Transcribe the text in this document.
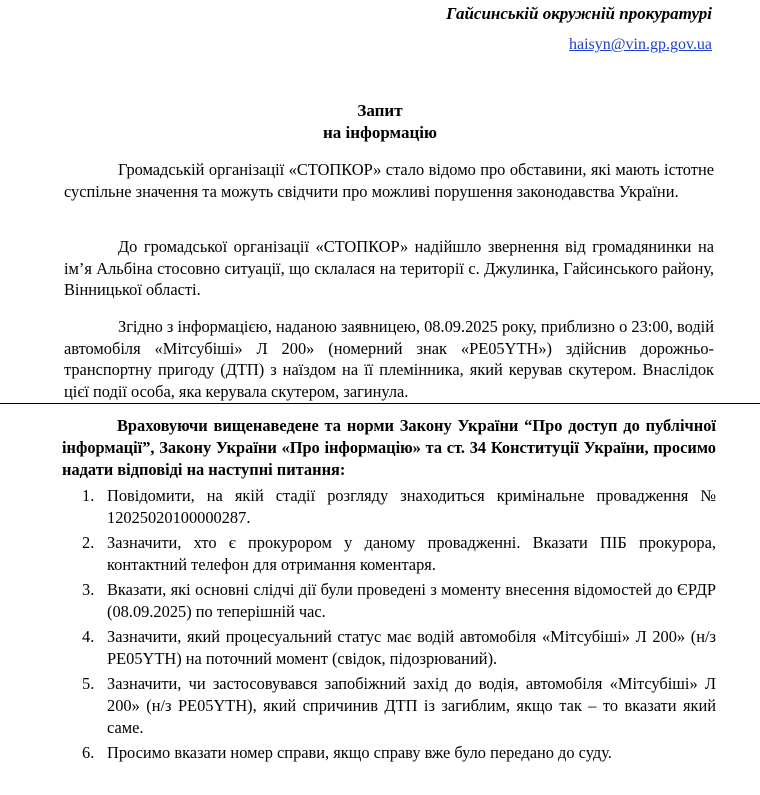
Гайсинській окружній прокуратурі
haisyn@vin.gp.gov.ua
Запит
на інформацію

Громадській організації «СТОПКОР» стало відомо про обставини, які мають істотне суспільне значення та можуть свідчити про можливі порушення законодавства України.

До громадської організації «СТОПКОР» надійшло звернення від громадянинки на ім’я Альбіна стосовно ситуації, що склалася на території с. Джулинка, Гайсинського району, Вінницької області.

Згідно з інформацією, наданою заявницею, 08.09.2025 року, приблизно о 23:00, водій автомобіля «Мітсубіші» Л 200» (номерний знак «РЕ05YTH») здійснив дорожньо-транспортну пригоду (ДТП) з наїздом на її племінника, який керував скутером. Внаслідок цієї події особа, яка керувала скутером, загинула.

Враховуючи вищенаведене та норми Закону України “Про доступ до публічної інформації”, Закону України «Про інформацію» та ст. 34 Конституції України, просимо надати відповіді на наступні питання:

1. Повідомити, на якій стадії розгляду знаходиться кримінальне провадження № 12025020100000287.
2. Зазначити, хто є прокурором у даному провадженні. Вказати ПІБ прокурора, контактний телефон для отримання коментаря.
3. Вказати, які основні слідчі дії були проведені з моменту внесення відомостей до ЄРДР (08.09.2025) по теперішній час.
4. Зазначити, який процесуальний статус має водій автомобіля «Мітсубіші» Л 200» (н/з РЕ05YTH) на поточний момент (свідок, підозрюваний).
5. Зазначити, чи застосовувався запобіжний захід до водія, автомобіля «Мітсубіші» Л 200» (н/з РЕ05YTH), який спричинив ДТП із загиблим, якщо так – то вказати який саме.
6. Просимо вказати номер справи, якщо справу вже було передано до суду.
